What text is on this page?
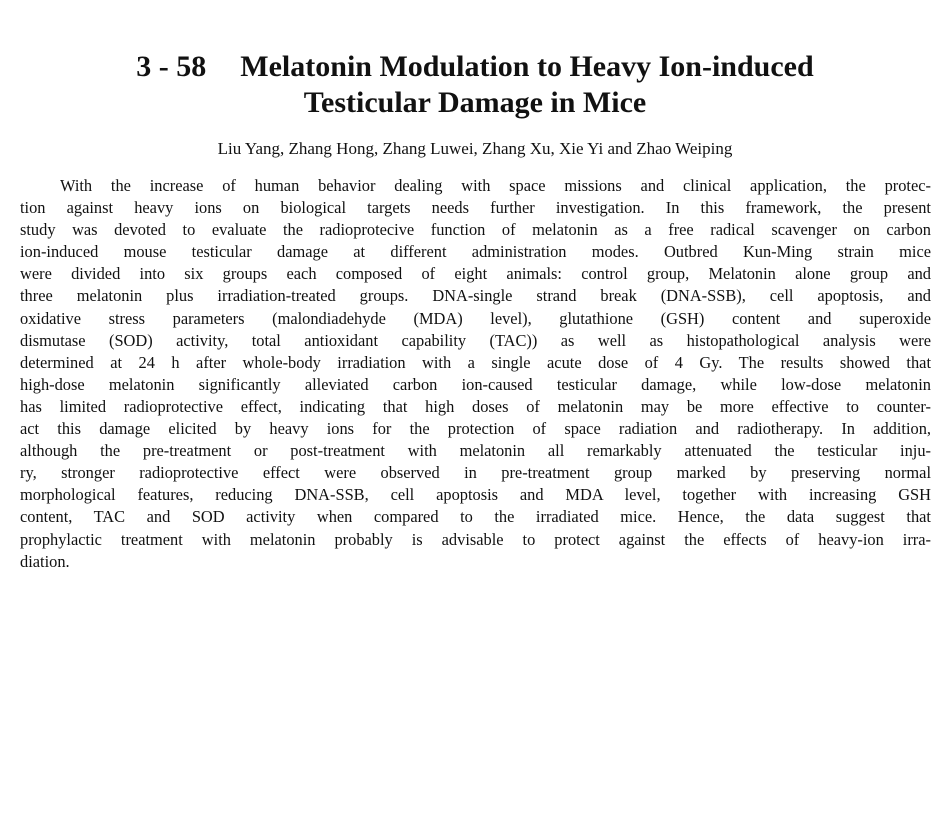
3 - 58 Melatonin Modulation to Heavy Ion-induced
Testicular Damage in Mice

Liu Yang, Zhang Hong, Zhang Luwei, Zhang Xu, Xie Yi and Zhao Weiping

With the increase of human behavior dealing with space missions and clinical application, the protec-
tion against heavy ions on biological targets needs further investigation. In this framework, the present
study was devoted to evaluate the radioprotecive function of melatonin as a free radical scavenger on carbon
ion-induced mouse testicular damage at different administration modes. Outbred Kun-Ming strain mice
were divided into six groups each composed of eight animals: control group, Melatonin alone group and
three melatonin plus irradiation-treated groups. DNA-single strand break (DNA-SSB), cell apoptosis, and
oxidative stress parameters (malondiadehyde (MDA) level), glutathione (GSH) content and superoxide
dismutase (SOD) activity, total antioxidant capability (TAC)) as well as histopathological analysis were
determined at 24 h after whole-body irradiation with a single acute dose of 4 Gy. The results showed that
high-dose melatonin significantly alleviated carbon ion-caused testicular damage, while low-dose melatonin
has limited radioprotective effect, indicating that high doses of melatonin may be more effective to counter-
act this damage elicited by heavy ions for the protection of space radiation and radiotherapy. In addition,
although the pre-treatment or post-treatment with melatonin all remarkably attenuated the testicular inju-
ry, stronger radioprotective effect were observed in pre-treatment group marked by preserving normal
morphological features, reducing DNA-SSB, cell apoptosis and MDA level, together with increasing GSH
content, TAC and SOD activity when compared to the irradiated mice. Hence, the data suggest that
prophylactic treatment with melatonin probably is advisable to protect against the effects of heavy-ion irra-
diation.
